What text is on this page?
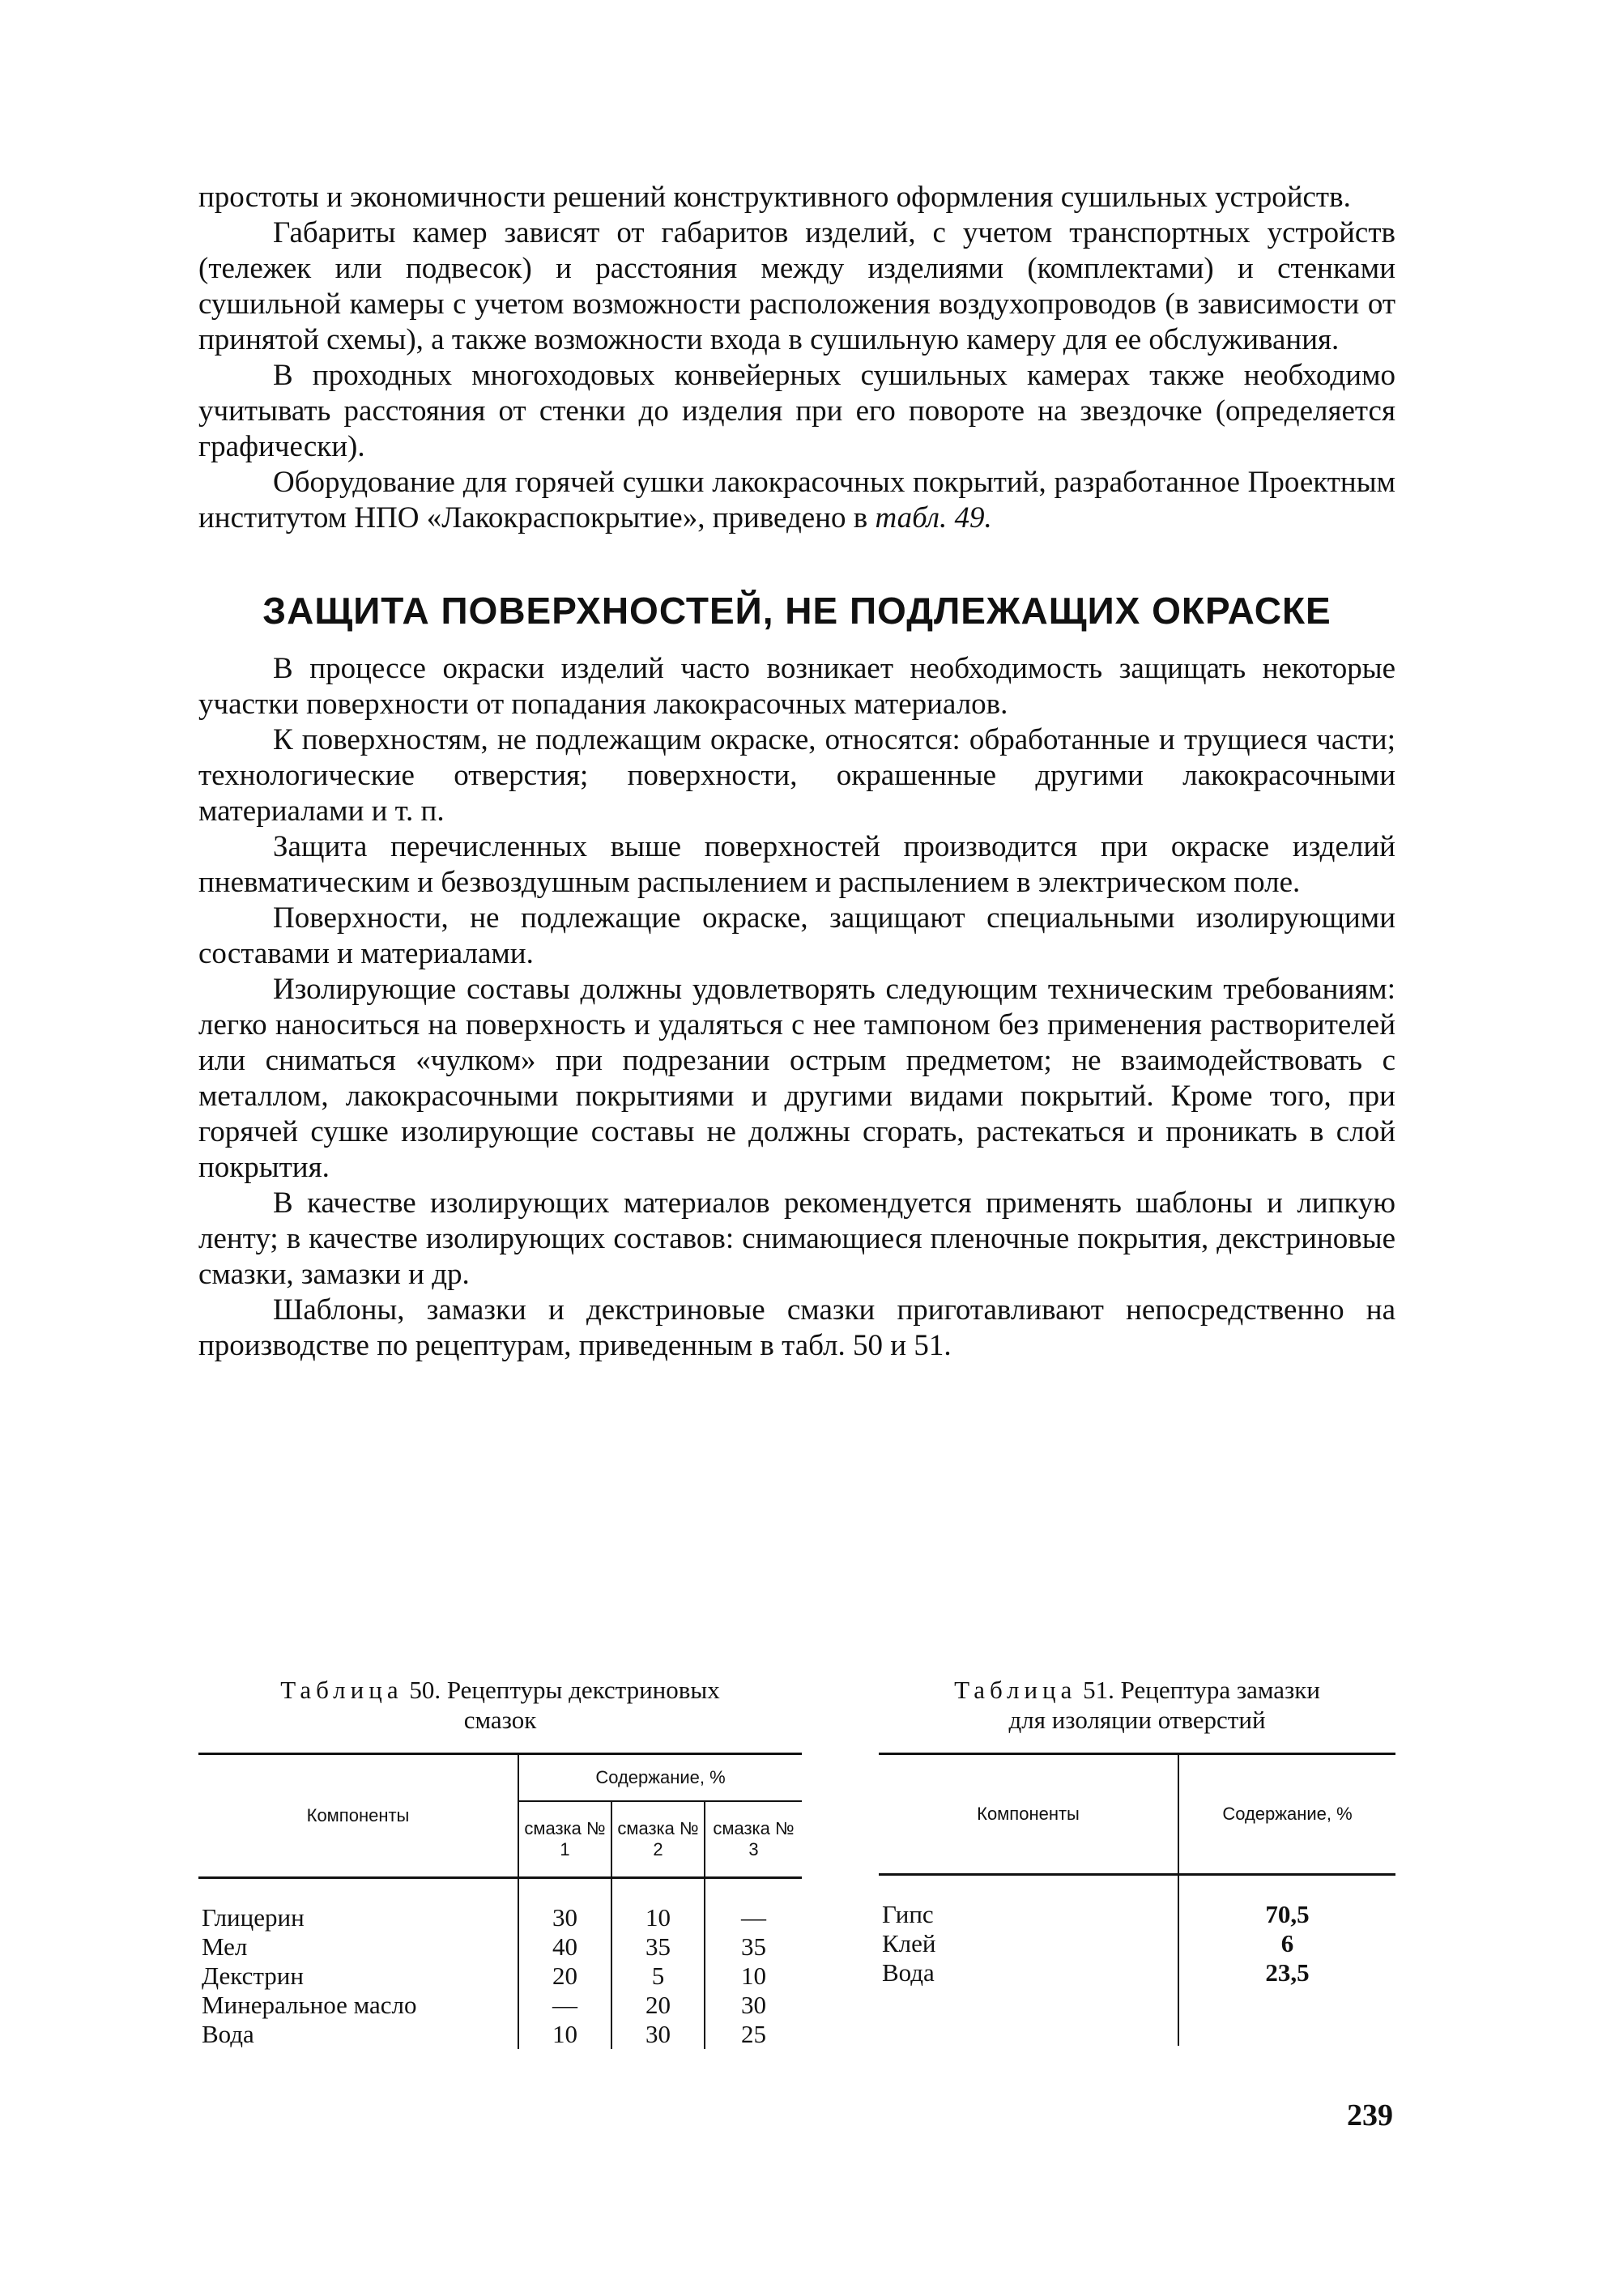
простоты и экономичности решений конструктивного оформления сушильных устройств.

Габариты камер зависят от габаритов изделий, с учетом транспортных устройств (тележек или подвесок) и расстояния между изделиями (комплектами) и стенками сушильной камеры с учетом возможности расположения воздухопроводов (в зависимости от принятой схемы), а также возможности входа в сушильную камеру для ее обслуживания.

В проходных многоходовых конвейерных сушильных камерах также необходимо учитывать расстояния от стенки до изделия при его повороте на звездочке (определяется графически).

Оборудование для горячей сушки лакокрасочных покрытий, разработанное Проектным институтом НПО «Лакокраспокрытие», приведено в табл. 49.

ЗАЩИТА ПОВЕРХНОСТЕЙ, НЕ ПОДЛЕЖАЩИХ ОКРАСКЕ

В процессе окраски изделий часто возникает необходимость защищать некоторые участки поверхности от попадания лакокрасочных материалов.

К поверхностям, не подлежащим окраске, относятся: обработанные и трущиеся части; технологические отверстия; поверхности, окрашенные другими лакокрасочными материалами и т. п.

Защита перечисленных выше поверхностей производится при окраске изделий пневматическим и безвоздушным распылением и распылением в электрическом поле.

Поверхности, не подлежащие окраске, защищают специальными изолирующими составами и материалами.

Изолирующие составы должны удовлетворять следующим техническим требованиям: легко наноситься на поверхность и удаляться с нее тампоном без применения растворителей или сниматься «чулком» при подрезании острым предметом; не взаимодействовать с металлом, лакокрасочными покрытиями и другими видами покрытий. Кроме того, при горячей сушке изолирующие составы не должны сгорать, растекаться и проникать в слой покрытия.

В качестве изолирующих материалов рекомендуется применять шаблоны и липкую ленту; в качестве изолирующих составов: снимающиеся пленочные покрытия, декстриновые смазки, замазки и др.

Шаблоны, замазки и декстриновые смазки приготавливают непосредственно на производстве по рецептурам, приведенным в табл. 50 и 51.

Таблица 50. Рецептуры декстриновых
смазок
Компоненты	Содержание, %		
	смазка № 1	смазка № 2	смазка № 3
Глицерин	30	10	—
Мел	40	35	35
Декстрин	20	5	10
Минеральное масло	—	20	30
Вода	10	30	25
Таблица 51. Рецептура замазки
для изоляции отверстий
Компоненты	Содержание, %
Гипс	70,5
Клей	6
Вода	23,5

239
